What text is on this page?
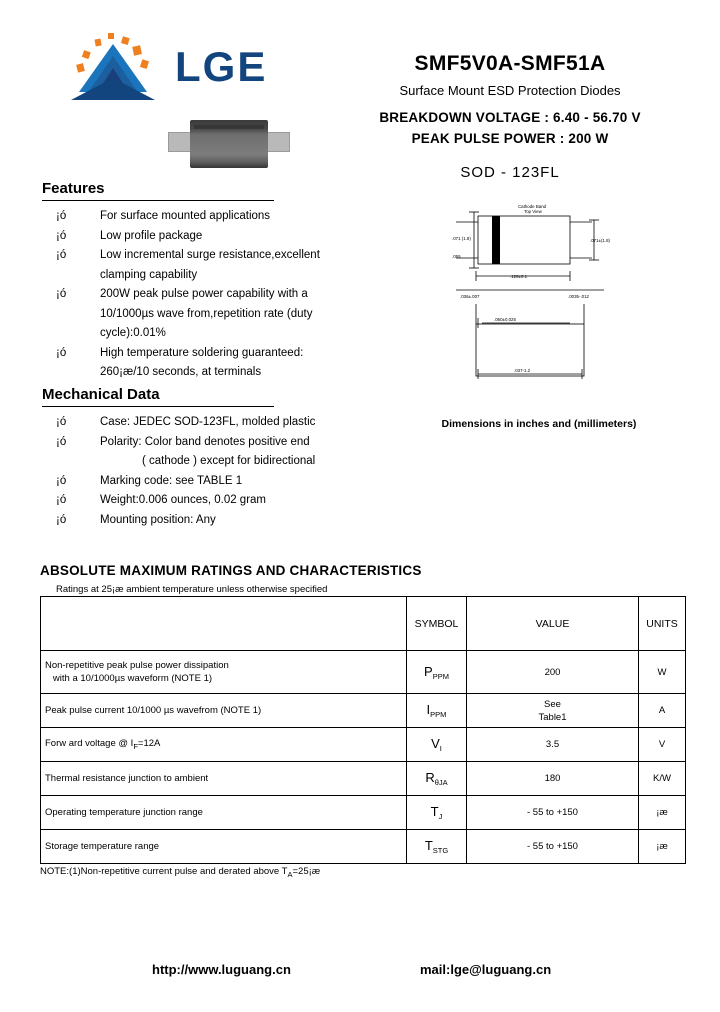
LGE	SMF5V0A-SMF51A
Surface Mount ESD Protection Diodes
BREAKDOWN VOLTAGE : 6.40 - 56.70 V
PEAK PULSE POWER : 200 W
SOD - 123FL
Features
¡ó	For surface mounted applications
¡ó	Low profile package
¡ó	Low incremental surge resistance,excellent
clamping capability
¡ó	200W peak pulse power capability with a
10/1000µs wave from,repetition rate (duty
cycle):0.01%
¡ó	High temperature soldering guaranteed:
260¡æ/10 seconds, at terminals
Mechanical Data
¡ó	Case: JEDEC SOD-123FL, molded plastic
¡ó	Polarity: Color band denotes positive end
( cathode ) except for bidirectional
¡ó	Marking code: see TABLE 1
¡ó	Weight:0.006 ounces, 0.02 gram
¡ó	Mounting position: Any
Cathode Band
Top View
.071 (1.8)
.055
.126±0.1
.071±(1.8)
.036±.007	.0035-.012
.060±0.025
.037-1.2
Dimensions in inches and (millimeters)
ABSOLUTE MAXIMUM RATINGS AND CHARACTERISTICS
Ratings at 25¡æ ambient temperature unless otherwise specified
	SYMBOL	VALUE	UNITS

Non-repetitive peak pulse power dissipation
with a 10/1000µs waveform (NOTE 1)	$P_{PPM}$	200	W

Peak pulse current 10/1000 µs wavefrom (NOTE 1)	$I_{PPM}$	See
Table1	A
Forw ard voltage @ $I_F=12A$	$V_I$	3.5	V

Thermal resistance junction to ambient	$R_{\theta JA}$	180	K/W

Operating temperature junction range	$T_J$	- 55 to +150	¡æ

Storage temperature range	$T_{STG}$	- 55 to +150	¡æ
NOTE:(1)Non-repetitive current pulse and derated above $T_A=25¡æ$
http://www.luguang.cn	mail:lge@luguang.cn
